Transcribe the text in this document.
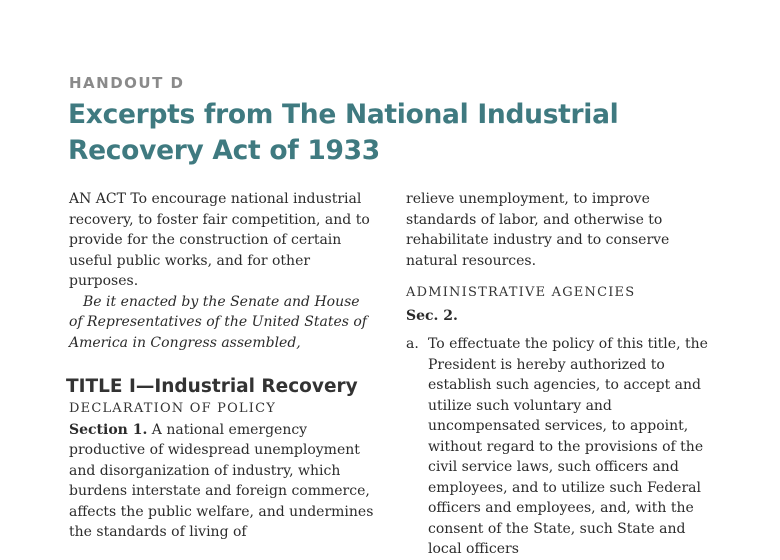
HANDOUT D
Excerpts from The National Industrial Recovery Act of 1933

AN ACT To encourage national industrial recovery, to foster fair competition, and to provide for the construction of certain useful public works, and for other purposes.

Be it enacted by the Senate and House of Representatives of the United States of America in Congress assembled,

TITLE I—Industrial Recovery

DECLARATION OF POLICY

Section 1. A national emergency productive of widespread unemployment and disorganization of industry, which burdens interstate and foreign commerce, affects the public welfare, and undermines the standards of living of

relieve unemployment, to improve standards of labor, and otherwise to rehabilitate industry and to conserve natural resources.

ADMINISTRATIVE AGENCIES

Sec. 2.

a. To effectuate the policy of this title, the President is hereby authorized to establish such agencies, to accept and utilize such voluntary and uncompensated services, to appoint, without regard to the provisions of the civil service laws, such officers and employees, and to utilize such Federal officers and employees, and, with the consent of the State, such State and local officers
